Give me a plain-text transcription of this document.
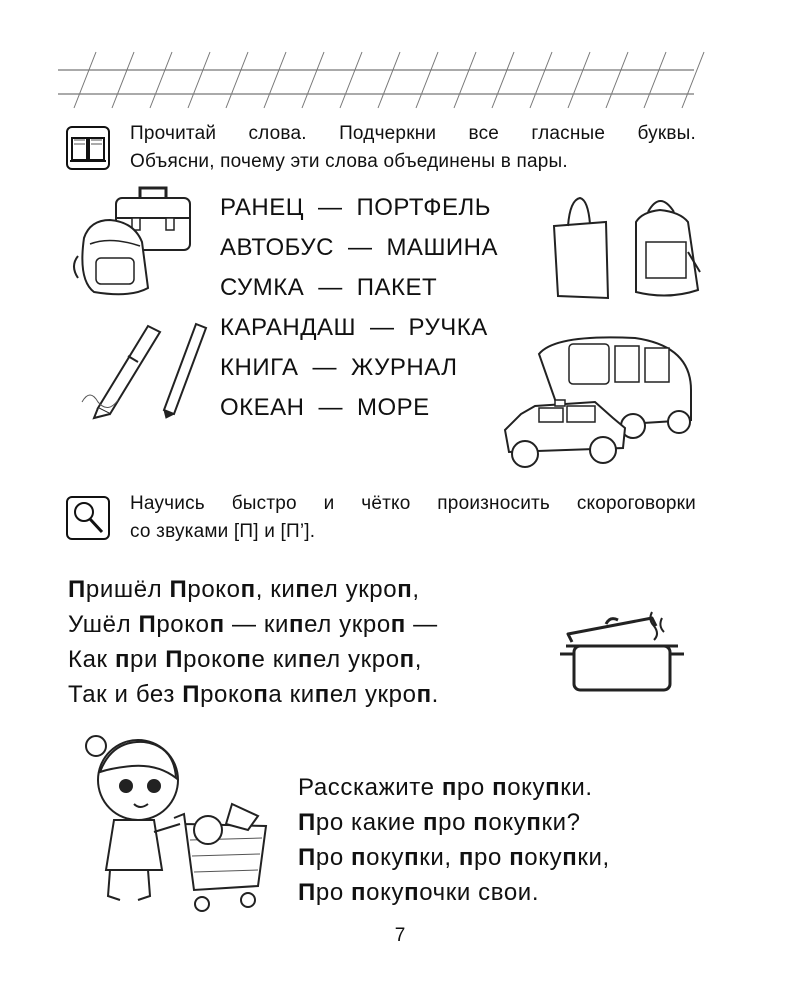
Прочитай слова. Подчеркни все гласные буквы.
Объясни, почему эти слова объединены в пары.
РАНЕЦ — ПОРТФЕЛЬ
АВТОБУС — МАШИНА
СУМКА — ПАКЕТ
КАРАНДАШ — РУЧКА
КНИГА — ЖУРНАЛ
ОКЕАН — МОРЕ
Научись быстро и чётко произносить скороговорки
со звуками [П] и [П’].
Пришёл Прокоп, кипел укроп,
Ушёл Прокоп — кипел укроп —
Как при Прокопе кипел укроп,
Так и без Прокопа кипел укроп.
Расскажите про покупки.
Про какие про покупки?
Про покупки, про покупки,
Про покупочки свои.
7
